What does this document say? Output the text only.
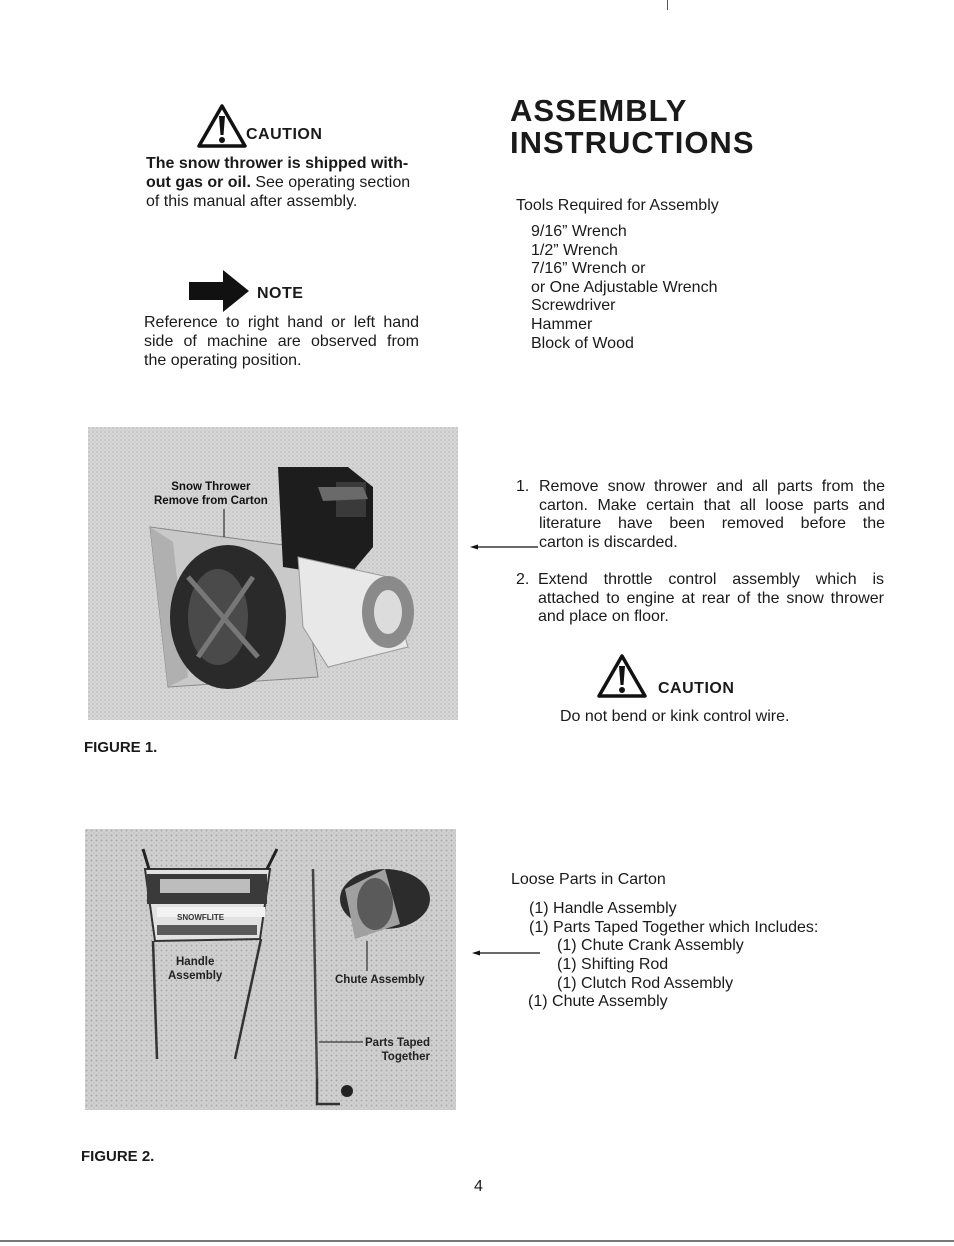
CAUTION
The snow thrower is shipped with-
out gas or oil. See operating section
of this manual after assembly.
NOTE
Reference to right hand or left hand
side of machine are observed from
the operating position.
ASSEMBLY
INSTRUCTIONS
Tools Required for Assembly
9/16” Wrench
1/2” Wrench
7/16” Wrench or
or One Adjustable Wrench
Screwdriver
Hammer
Block of Wood
Snow Thrower
Remove from Carton
FIGURE 1.
1. Remove snow thrower and all parts from the
carton. Make certain that all loose parts and
literature have been removed before the
carton is discarded.
2. Extend throttle control assembly which is
attached to engine at rear of the snow thrower
and place on floor.
CAUTION
Do not bend or kink control wire.
SNOWFLITE
Handle
Assembly	Chute Assembly
Parts Taped
Together
FIGURE 2.
Loose Parts in Carton
(1) Handle Assembly
(1) Parts Taped Together which Includes:
(1) Chute Crank Assembly
(1) Shifting Rod
(1) Clutch Rod Assembly
(1) Chute Assembly
4
